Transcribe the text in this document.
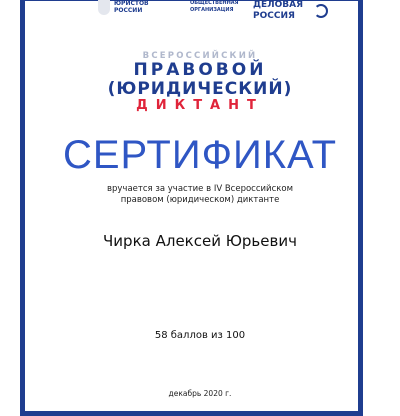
ЮРИСТОВ
РОССИИ
ОБЩЕСТВЕННАЯ
ОРГАНИЗАЦИЯ	ДЕЛОВАЯ
РОССИЯ
ВСЕРОССИЙСКИЙ
ПРАВОВОЙ
(ЮРИДИЧЕСКИЙ)
ДИКТАНТ
СЕРТИФИКАТ
вручается за участие в IV Всероссийском
правовом (юридическом) диктанте
Чирка Алексей Юрьевич
58 баллов из 100
декабрь 2020 г.
